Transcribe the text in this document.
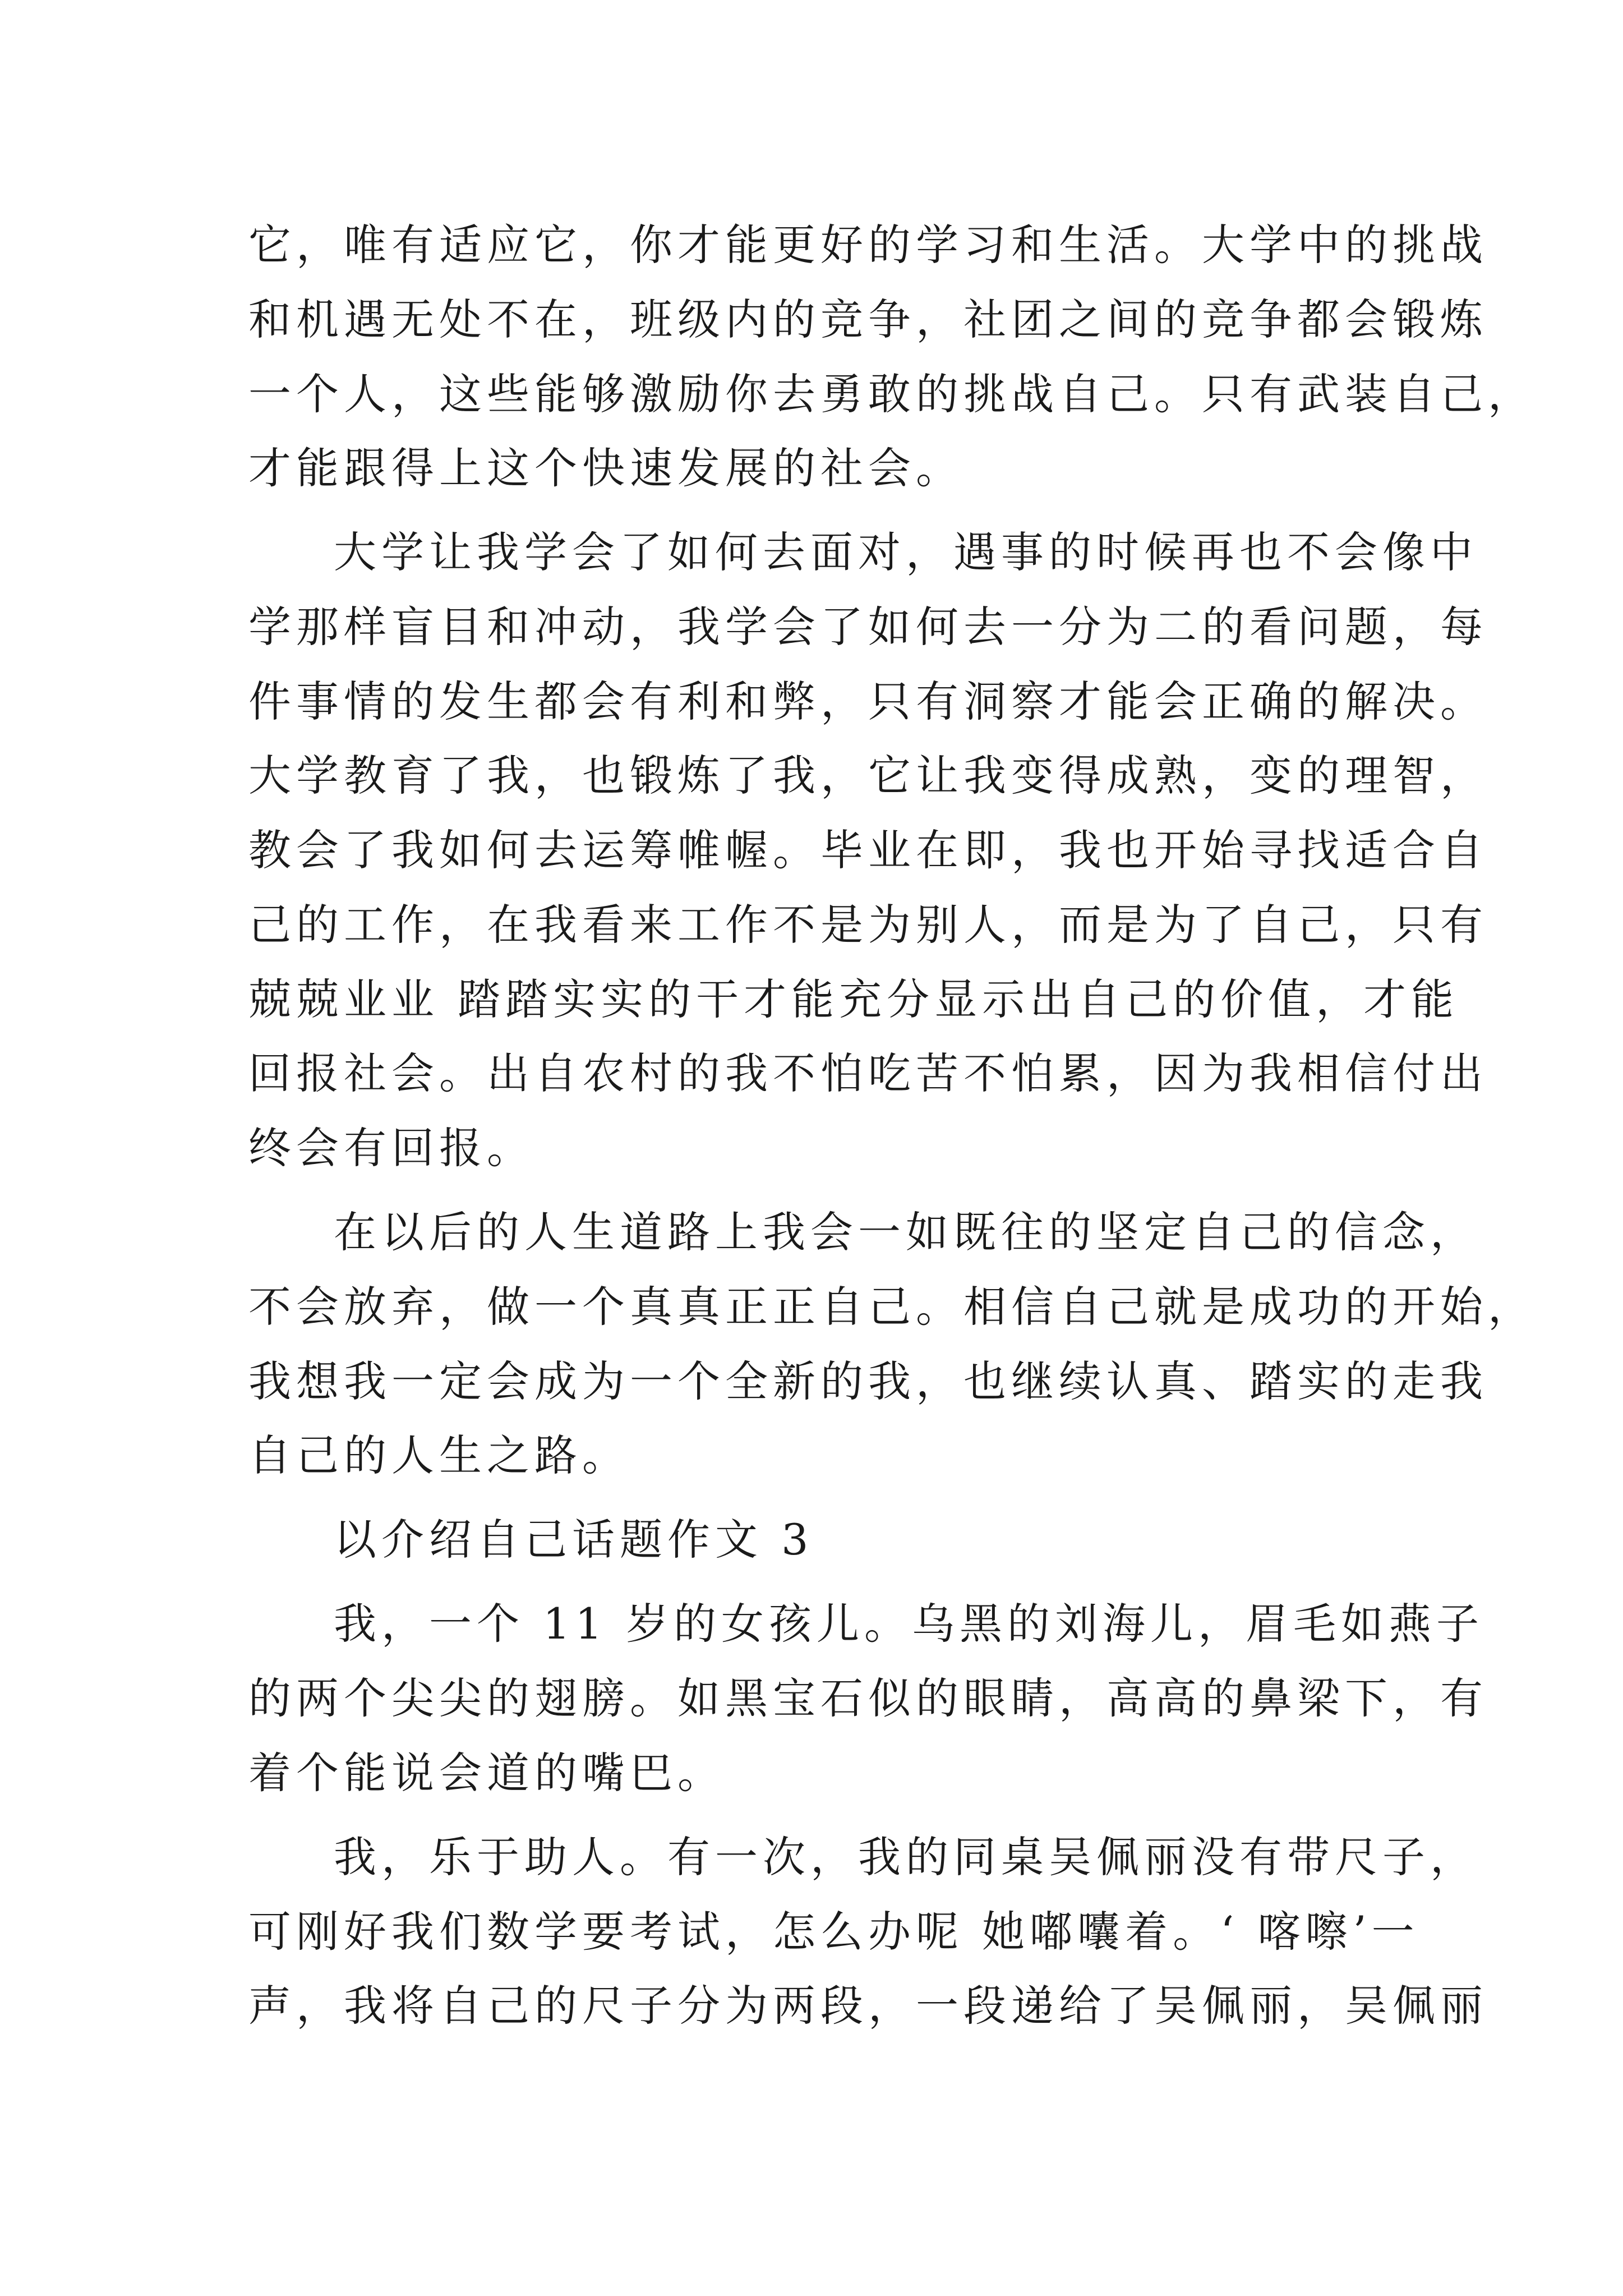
它，唯有适应它，你才能更好的学习和生活。大学中的挑战
和机遇无处不在，班级内的竞争，社团之间的竞争都会锻炼
一个人，这些能够激励你去勇敢的挑战自己。只有武装自己，
才能跟得上这个快速发展的社会。
大学让我学会了如何去面对，遇事的时候再也不会像中
学那样盲目和冲动，我学会了如何去一分为二的看问题，每
件事情的发生都会有利和弊，只有洞察才能会正确的解决。
大学教育了我，也锻炼了我，它让我变得成熟，变的理智，
教会了我如何去运筹帷幄。毕业在即，我也开始寻找适合自
己的工作，在我看来工作不是为别人，而是为了自己，只有
兢兢业业 踏踏实实的干才能充分显示出自己的价值，才能
回报社会。出自农村的我不怕吃苦不怕累，因为我相信付出
终会有回报。
在以后的人生道路上我会一如既往的坚定自己的信念，
不会放弃，做一个真真正正自己。相信自己就是成功的开始，
我想我一定会成为一个全新的我，也继续认真、踏实的走我
自己的人生之路。
以介绍自己话题作文 3
我，一个 11 岁的女孩儿。乌黑的刘海儿，眉毛如燕子
的两个尖尖的翅膀。如黑宝石似的眼睛，高高的鼻梁下，有
着个能说会道的嘴巴。
我，乐于助人。有一次，我的同桌吴佩丽没有带尺子，
可刚好我们数学要考试，怎么办呢 她嘟囔着。‘ 喀嚓’一
声，我将自己的尺子分为两段，一段递给了吴佩丽，吴佩丽
